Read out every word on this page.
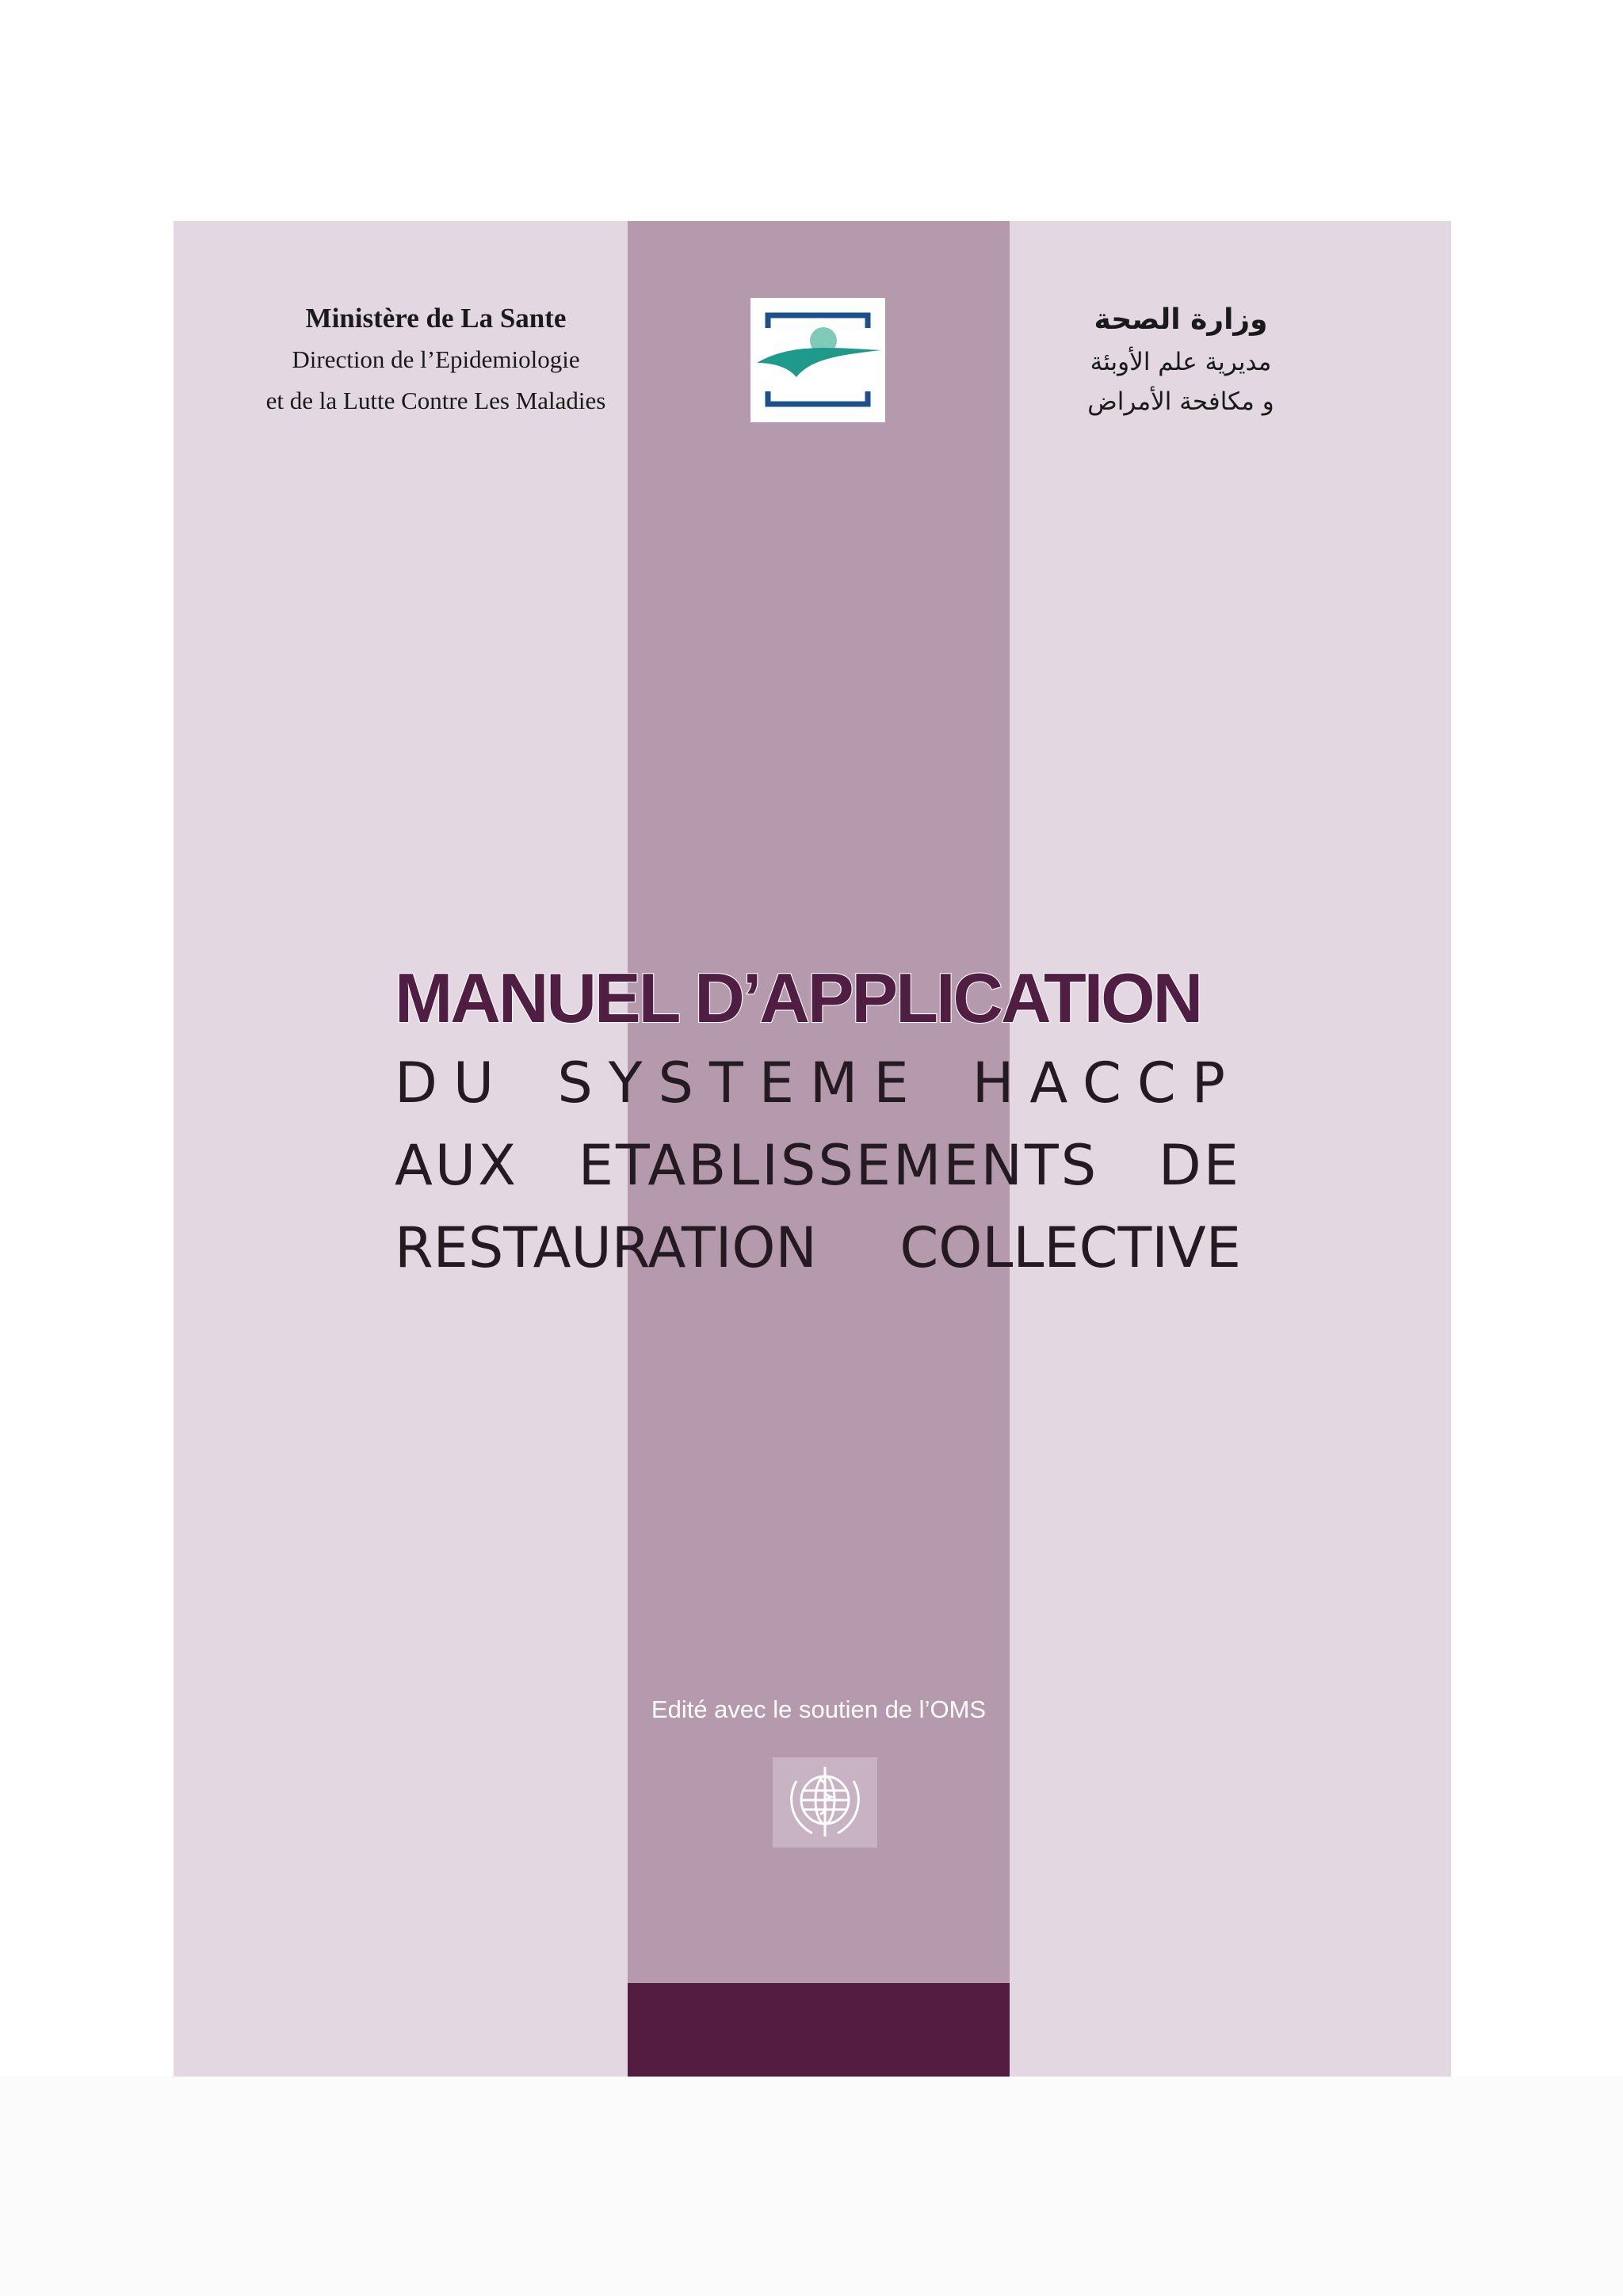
Ministère de La Sante
Direction de l’Epidemiologie
et de la Lutte Contre Les Maladies
وزارة الصحة
مديرية علم الأوبئة
و مكافحة الأمراض
MANUEL D’APPLICATION
DU SYSTEME HACCP
AUX ETABLISSEMENTS DE
RESTAURATION COLLECTIVE
Edité avec le soutien de l’OMS
